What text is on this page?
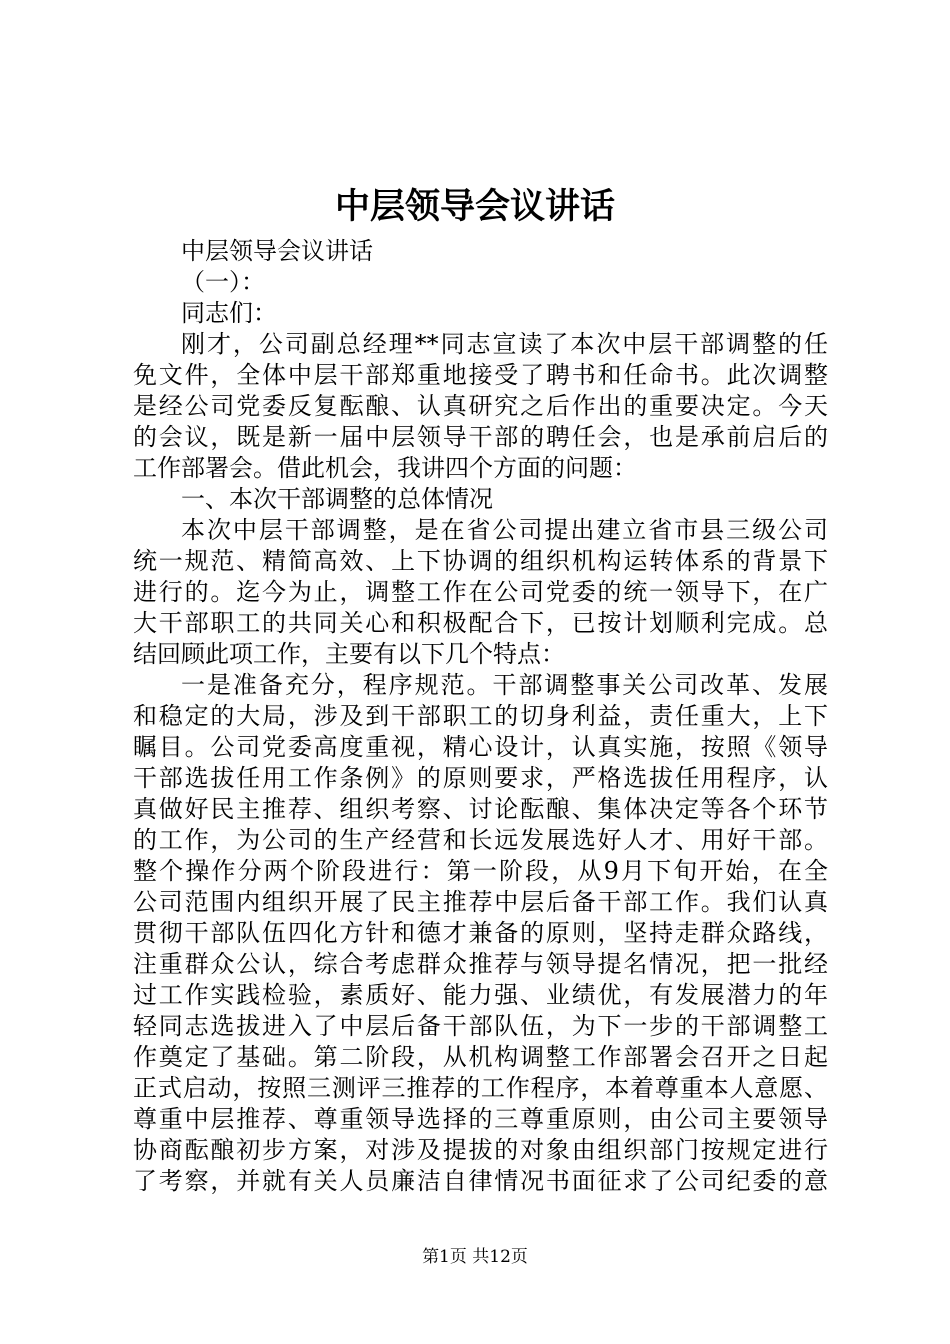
中层领导会议讲话
中层领导会议讲话
（一）：
同志们：
刚才，公司副总经理**同志宣读了本次中层干部调整的任
免文件，全体中层干部郑重地接受了聘书和任命书。此次调整
是经公司党委反复酝酿、认真研究之后作出的重要决定。今天
的会议，既是新一届中层领导干部的聘任会，也是承前启后的
工作部署会。借此机会，我讲四个方面的问题：
一、本次干部调整的总体情况
本次中层干部调整，是在省公司提出建立省市县三级公司
统一规范、精简高效、上下协调的组织机构运转体系的背景下
进行的。迄今为止，调整工作在公司党委的统一领导下，在广
大干部职工的共同关心和积极配合下，已按计划顺利完成。总
结回顾此项工作，主要有以下几个特点：
一是准备充分，程序规范。干部调整事关公司改革、发展
和稳定的大局，涉及到干部职工的切身利益，责任重大，上下
瞩目。公司党委高度重视，精心设计，认真实施，按照《领导
干部选拔任用工作条例》的原则要求，严格选拔任用程序，认
真做好民主推荐、组织考察、讨论酝酿、集体决定等各个环节
的工作，为公司的生产经营和长远发展选好人才、用好干部。
整个操作分两个阶段进行：第一阶段，从9月下旬开始，在全
公司范围内组织开展了民主推荐中层后备干部工作。我们认真
贯彻干部队伍四化方针和德才兼备的原则，坚持走群众路线，
注重群众公认，综合考虑群众推荐与领导提名情况，把一批经
过工作实践检验，素质好、能力强、业绩优，有发展潜力的年
轻同志选拔进入了中层后备干部队伍，为下一步的干部调整工
作奠定了基础。第二阶段，从机构调整工作部署会召开之日起
正式启动，按照三测评三推荐的工作程序，本着尊重本人意愿、
尊重中层推荐、尊重领导选择的三尊重原则，由公司主要领导
协商酝酿初步方案，对涉及提拔的对象由组织部门按规定进行
了考察，并就有关人员廉洁自律情况书面征求了公司纪委的意
第1页 共12页
